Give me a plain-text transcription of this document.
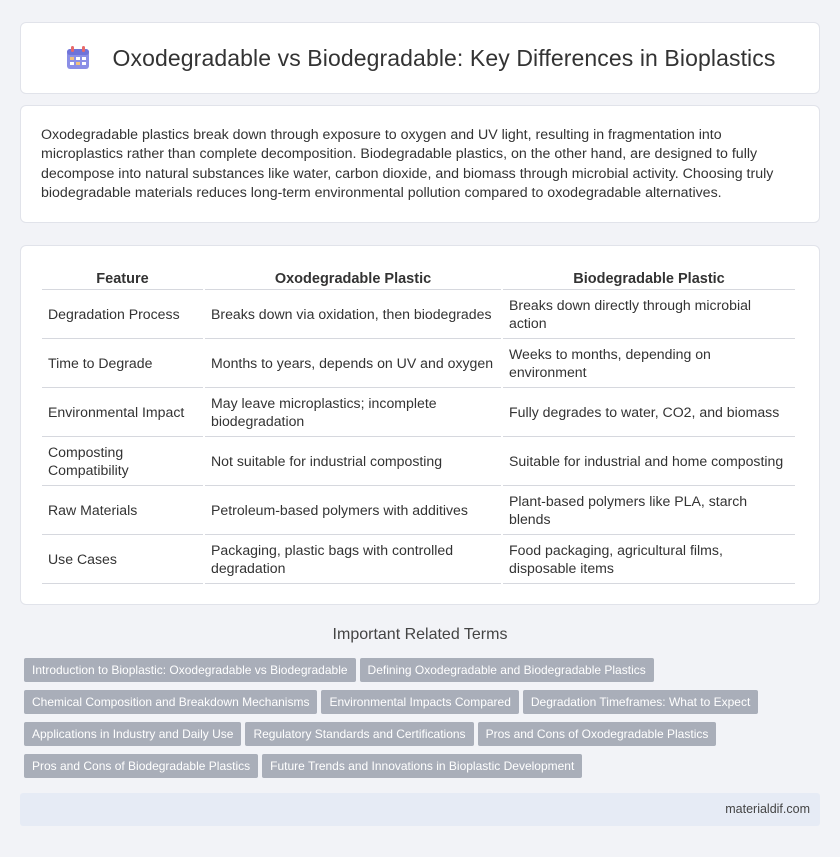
Oxodegradable vs Biodegradable: Key Differences in Bioplastics

Oxodegradable plastics break down through exposure to oxygen and UV light, resulting in fragmentation into microplastics rather than complete decomposition. Biodegradable plastics, on the other hand, are designed to fully decompose into natural substances like water, carbon dioxide, and biomass through microbial activity. Choosing truly biodegradable materials reduces long-term environmental pollution compared to oxodegradable alternatives.

Feature	Oxodegradable Plastic	Biodegradable Plastic
Degradation Process	Breaks down via oxidation, then biodegrades	Breaks down directly through microbial action
Time to Degrade	Months to years, depends on UV and oxygen	Weeks to months, depending on environment
Environmental Impact	May leave microplastics; incomplete biodegradation	Fully degrades to water, CO2, and biomass
Composting Compatibility	Not suitable for industrial composting	Suitable for industrial and home composting
Raw Materials	Petroleum-based polymers with additives	Plant-based polymers like PLA, starch blends
Use Cases	Packaging, plastic bags with controlled degradation	Food packaging, agricultural films, disposable items
Important Related Terms
Introduction to Bioplastic: Oxodegradable vs Biodegradable Defining Oxodegradable and Biodegradable Plastics
Chemical Composition and Breakdown Mechanisms Environmental Impacts Compared Degradation Timeframes: What to Expect
Applications in Industry and Daily Use Regulatory Standards and Certifications Pros and Cons of Oxodegradable Plastics
Pros and Cons of Biodegradable Plastics Future Trends and Innovations in Bioplastic Development
materialdif.com
